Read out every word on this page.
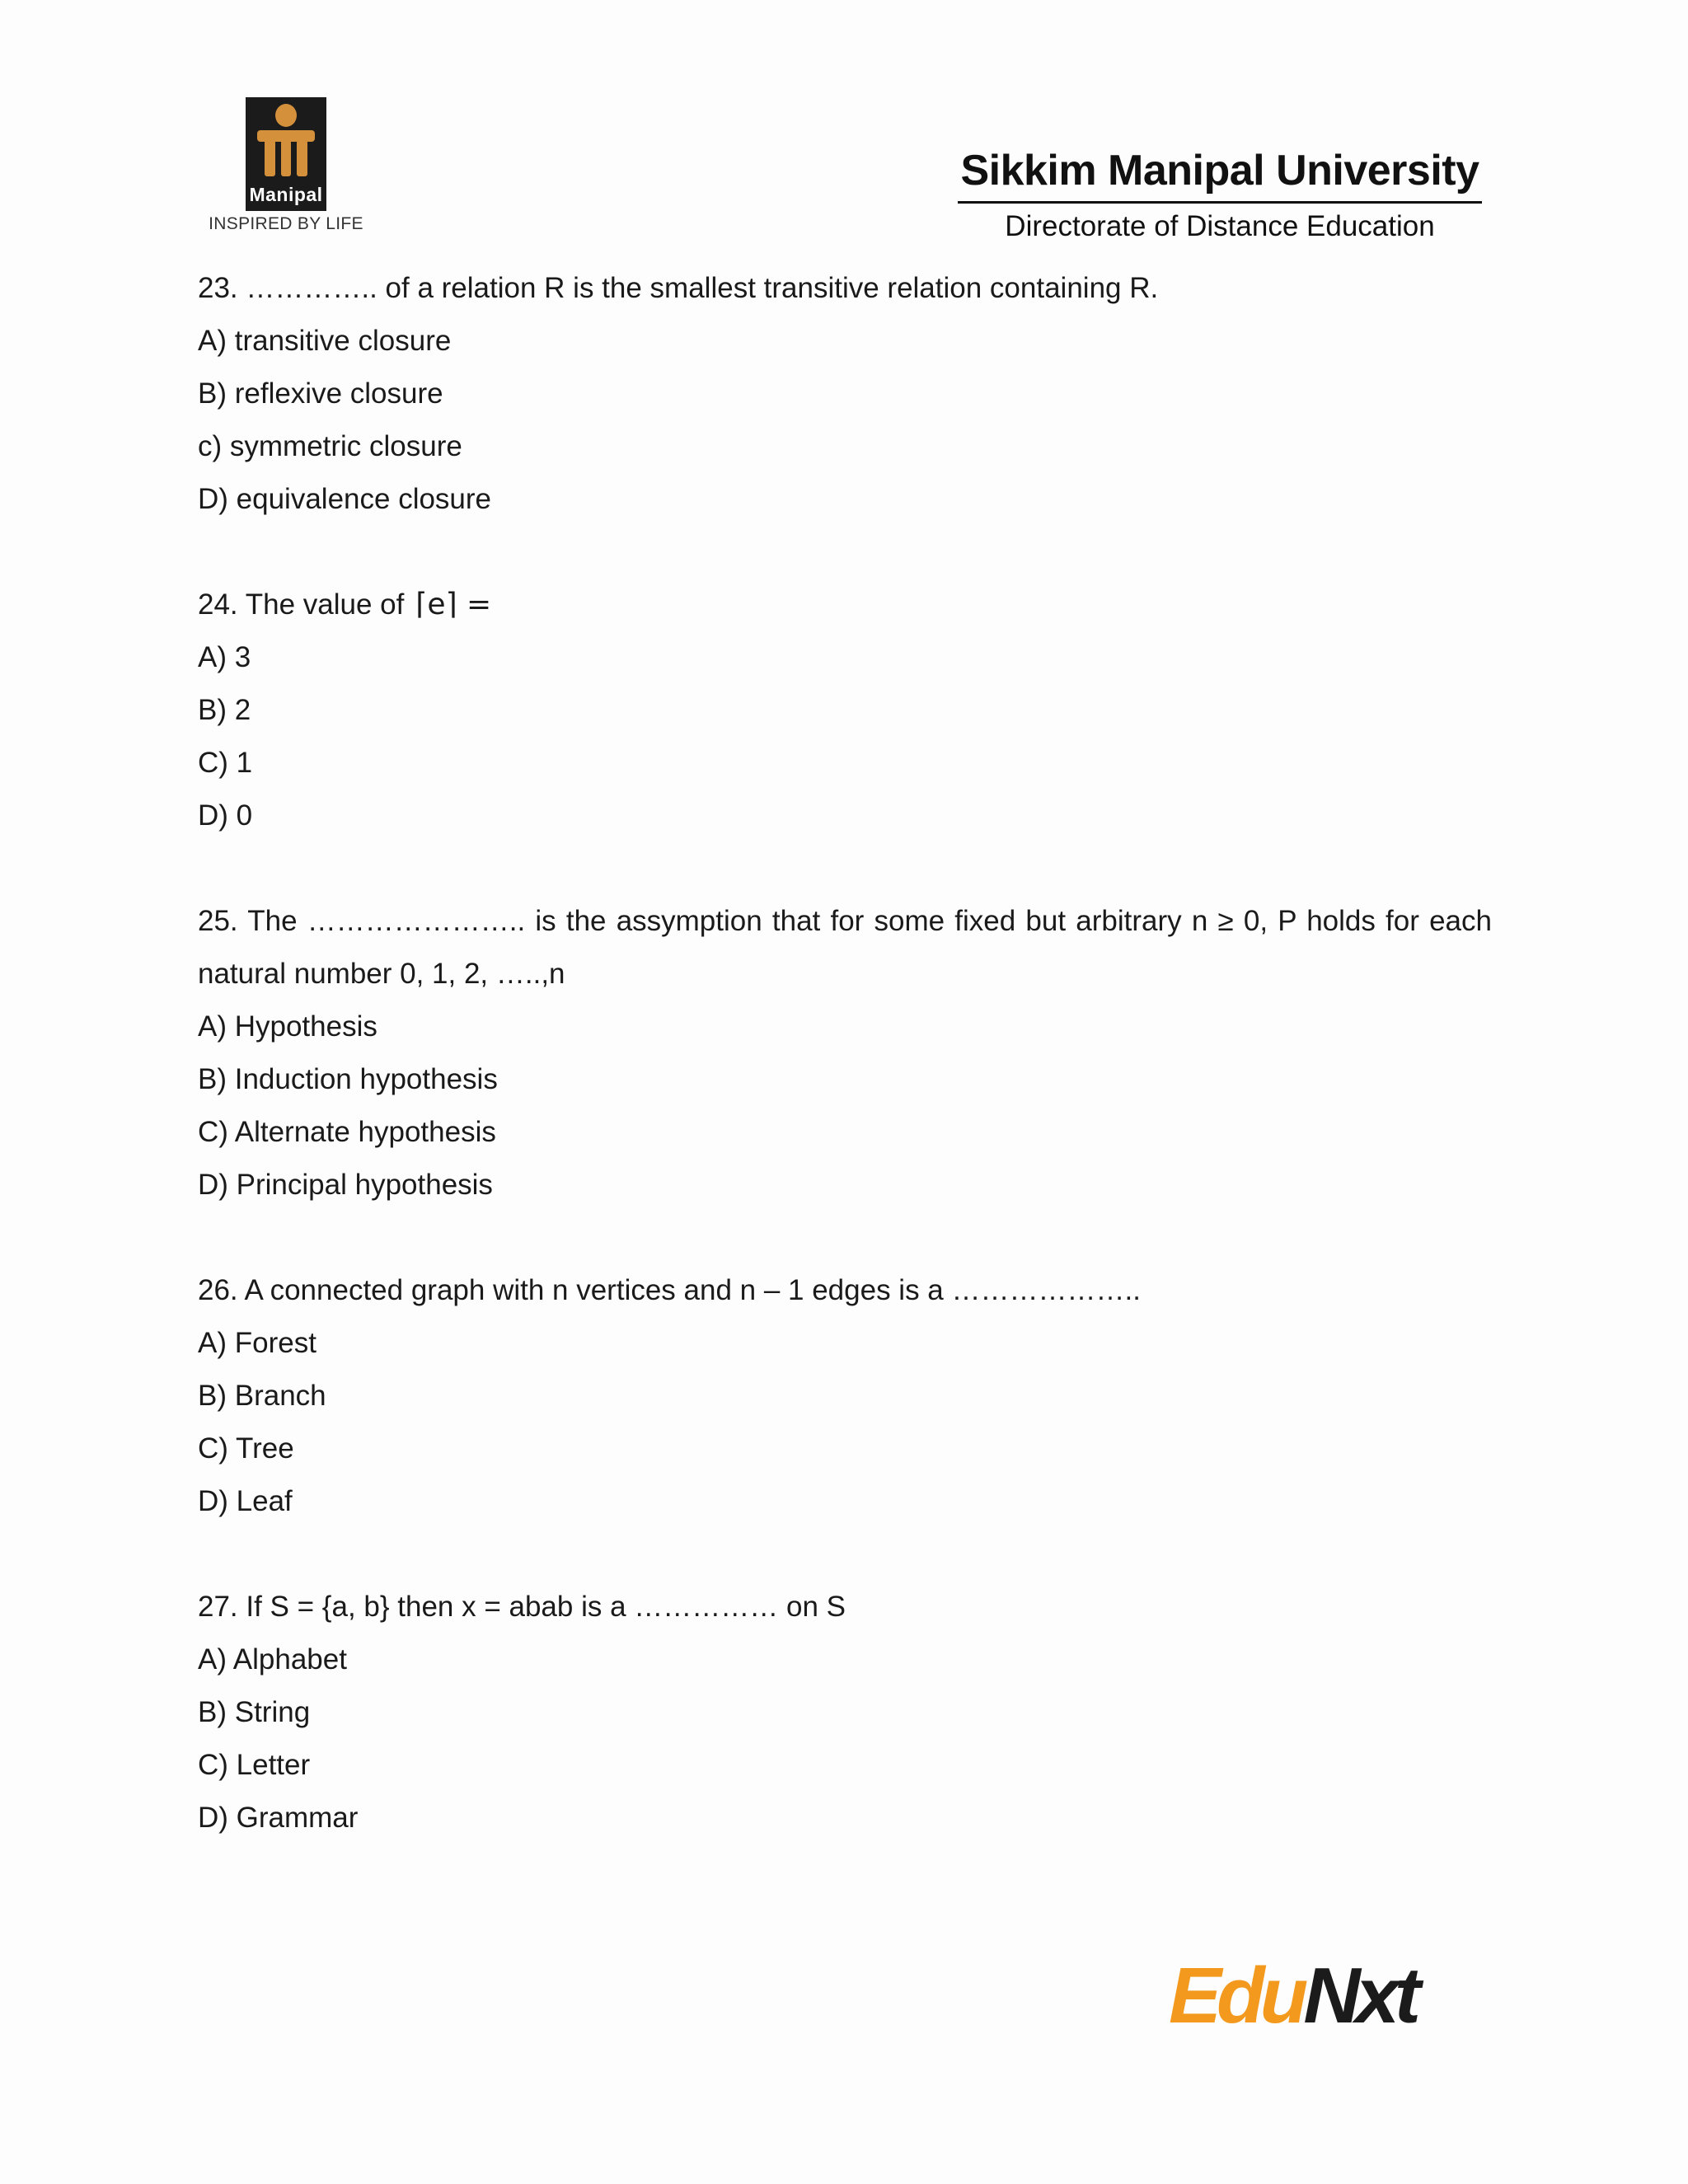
Manipal
INSPIRED BY LIFE
Sikkim Manipal University
Directorate of Distance Education
23. ………….. of a relation R is the smallest transitive relation containing R.
A) transitive closure
B) reflexive closure
c) symmetric closure
D) equivalence closure
24. The value of ⌈e⌉ =
A) 3
B) 2
C) 1
D) 0
25. The ………………….. is the assymption that for some fixed but arbitrary n ≥ 0, P holds for each natural number 0, 1, 2, …..,n
A) Hypothesis
B) Induction hypothesis
C) Alternate hypothesis
D) Principal hypothesis
26. A connected graph with n vertices and n – 1 edges is a ………………..
A) Forest
B) Branch
C) Tree
D) Leaf
27. If S = {a, b} then x = abab is a …………… on S
A) Alphabet
B) String
C) Letter
D) Grammar
EduNxt
